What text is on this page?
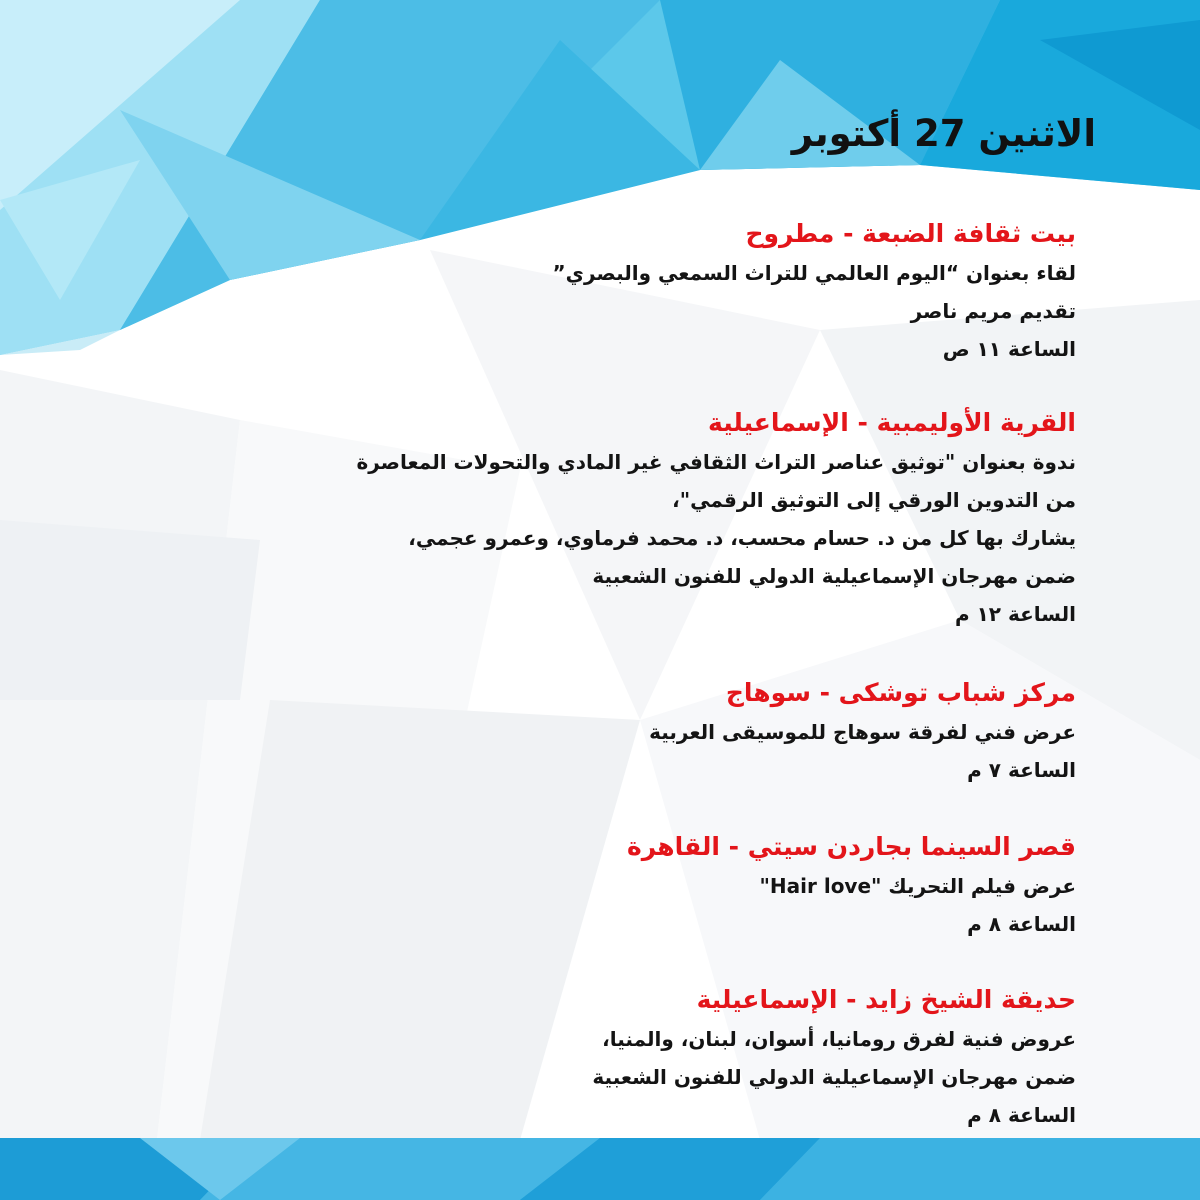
الاثنين 27 أكتوبر
بيت ثقافة الضبعة - مطروح
لقاء بعنوان “اليوم العالمي للتراث السمعي والبصري”
تقديم مريم ناصر
الساعة ١١ ص
القرية الأوليمبية - الإسماعيلية
ندوة بعنوان "توثيق عناصر التراث الثقافي غير المادي والتحولات المعاصرة
من التدوين الورقي إلى التوثيق الرقمي"،
يشارك بها كل من د. حسام محسب، د. محمد فرماوي، وعمرو عجمي،
ضمن مهرجان الإسماعيلية الدولي للفنون الشعبية
الساعة ١٢ م
مركز شباب توشكى - سوهاج
عرض فني لفرقة سوهاج للموسيقى العربية
الساعة ٧ م
قصر السينما بجاردن سيتي - القاهرة
عرض فيلم التحريك "Hair love"
الساعة ٨ م
حديقة الشيخ زايد - الإسماعيلية
عروض فنية لفرق رومانيا، أسوان، لبنان، والمنيا،
ضمن مهرجان الإسماعيلية الدولي للفنون الشعبية
الساعة ٨ م
